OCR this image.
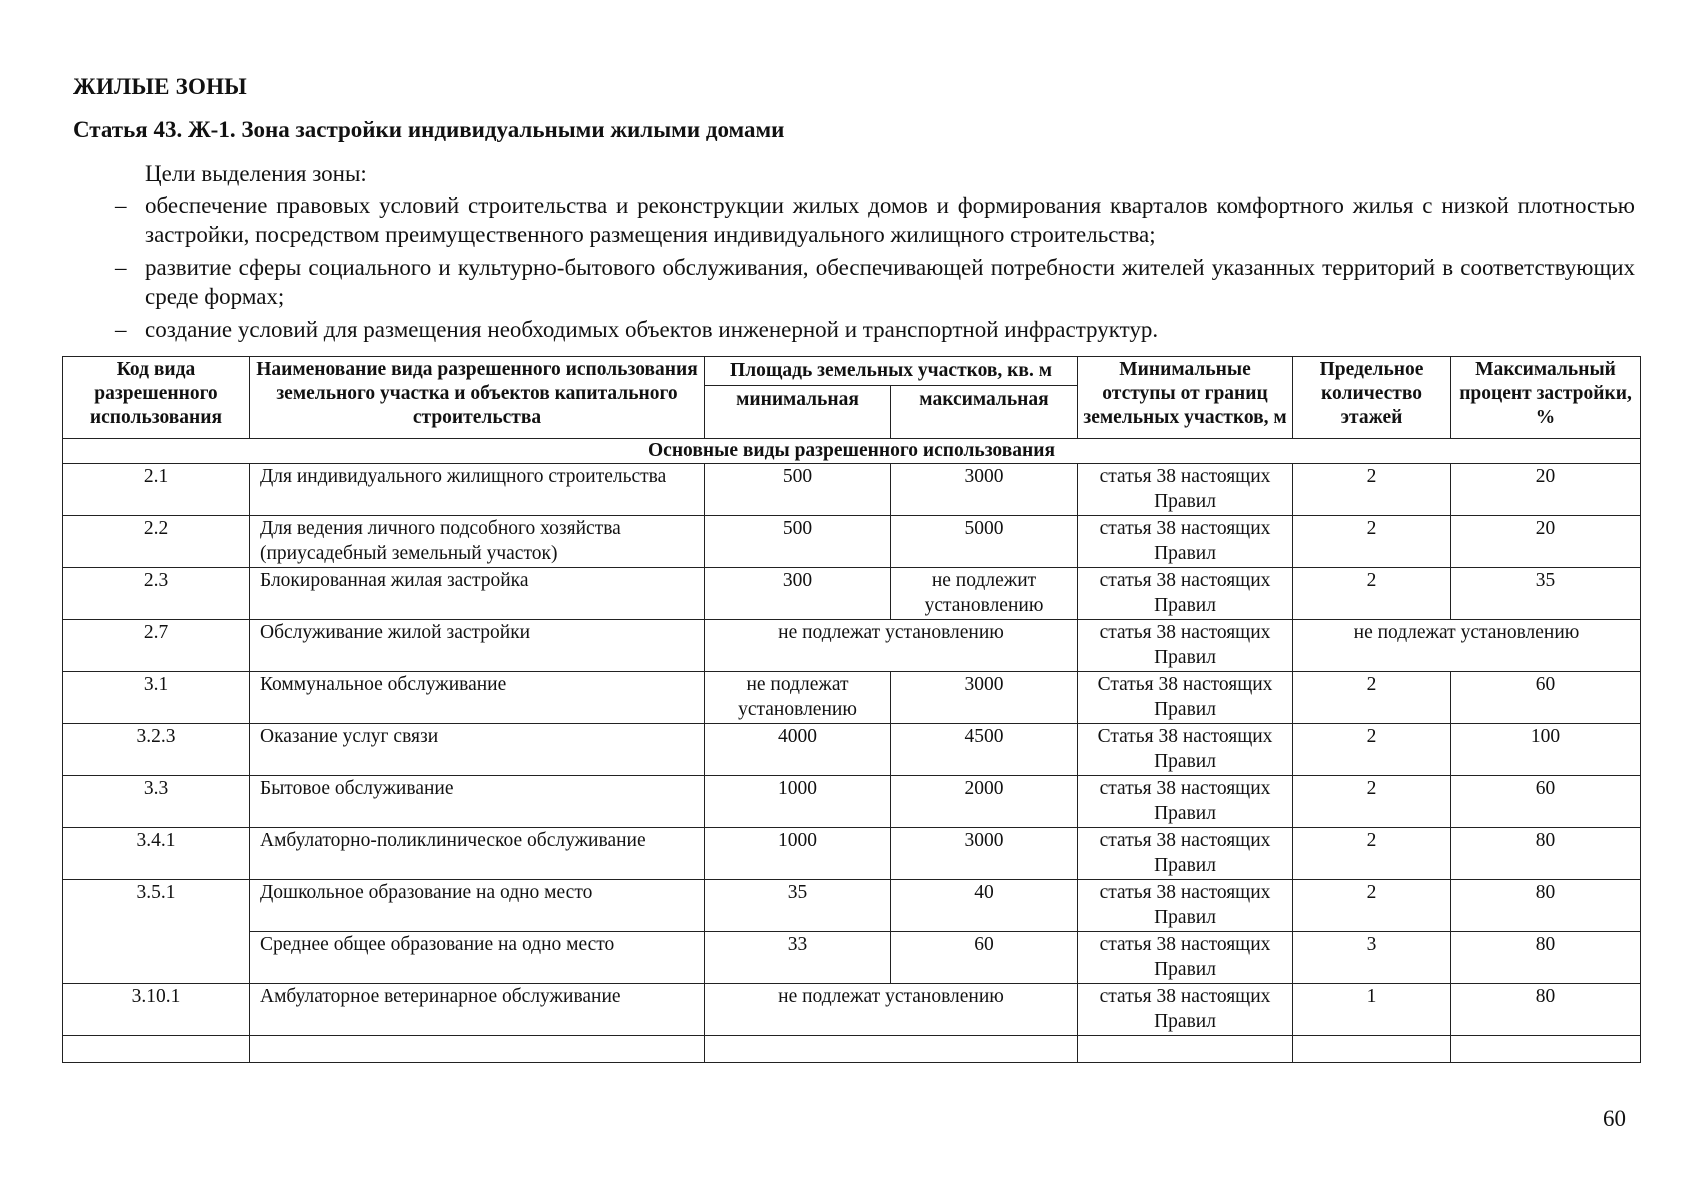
ЖИЛЫЕ ЗОНЫ
Статья 43. Ж-1. Зона застройки индивидуальными жилыми домами
Цели выделения зоны:
– обеспечение правовых условий строительства и реконструкции жилых домов и формирования кварталов комфортного жилья с низкой плотностью застройки, посредством преимущественного размещения индивидуального жилищного строительства;
– развитие сферы социального и культурно-бытового обслуживания, обеспечивающей потребности жителей указанных территорий в соответствующих среде формах;
– создание условий для размещения необходимых объектов инженерной и транспортной инфраструктур.
Код вида разрешенного использования	Наименование вида разрешенного использования земельного участка и объектов капитального строительства	Площадь земельных участков, кв. м		Минимальные отступы от границ земельных участков, м	Предельное количество этажей	Максимальный процент застройки, %
		минимальная	максимальная			
Основные виды разрешенного использования						
2.1	Для индивидуального жилищного строительства	500	3000	статья 38 настоящих Правил	2	20
2.2	Для ведения личного подсобного хозяйства (приусадебный земельный участок)	500	5000	статья 38 настоящих Правил	2	20
2.3	Блокированная жилая застройка	300	не подлежит установлению	статья 38 настоящих Правил	2	35
2.7	Обслуживание жилой застройки	не подлежат установлению		статья 38 настоящих Правил	не подлежат установлению	
3.1	Коммунальное обслуживание	не подлежат установлению	3000	Статья 38 настоящих Правил	2	60
3.2.3	Оказание услуг связи	4000	4500	Статья 38 настоящих Правил	2	100
3.3	Бытовое обслуживание	1000	2000	статья 38 настоящих Правил	2	60
3.4.1	Амбулаторно-поликлиническое обслуживание	1000	3000	статья 38 настоящих Правил	2	80
3.5.1	Дошкольное образование на одно место	35	40	статья 38 настоящих Правил	2	80
	Среднее общее образование на одно место	33	60	статья 38 настоящих Правил	3	80
3.10.1	Амбулаторное ветеринарное обслуживание	не подлежат установлению		статья 38 настоящих Правил	1	80

60
